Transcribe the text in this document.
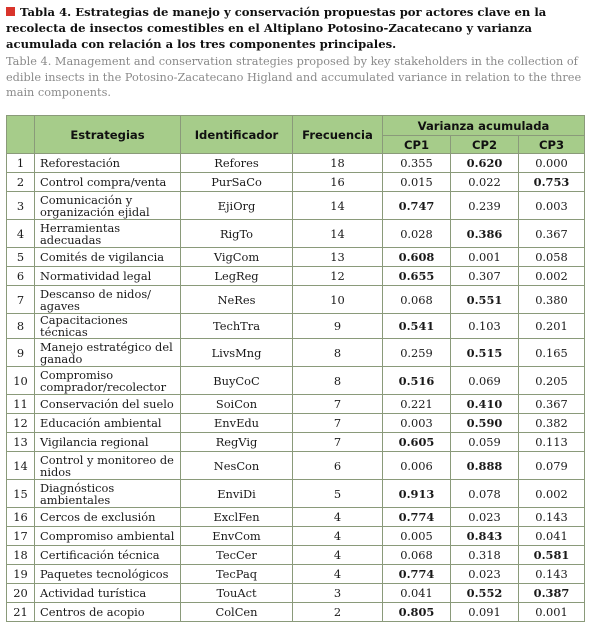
Tabla 4. Estrategias de manejo y conservación propuestas por actores clave en la recolecta de insectos comestibles en el Altiplano Potosino-Zacatecano y varianza acumulada con relación a los tres componentes principales.
Table 4. Management and conservation strategies proposed by key stakeholders in the collection of edible insects in the Potosino-Zacatecano Higland and accumulated variance in relation to the three main components.
	Estrategias	Identificador	Frecuencia	Varianza acumulada		
				CP1	CP2	CP3
1	Reforestación	Refores	18	0.355	0.620	0.000
2	Control compra/venta	PurSaCo	16	0.015	0.022	0.753
3	Comunicación y organización ejidal	EjiOrg	14	0.747	0.239	0.003
4	Herramientas adecuadas	RigTo	14	0.028	0.386	0.367
5	Comités de vigilancia	VigCom	13	0.608	0.001	0.058
6	Normatividad legal	LegReg	12	0.655	0.307	0.002
7	Descanso de nidos/ agaves	NeRes	10	0.068	0.551	0.380
8	Capacitaciones técnicas	TechTra	9	0.541	0.103	0.201
9	Manejo estratégico del ganado	LivsMng	8	0.259	0.515	0.165
10	Compromiso comprador/recolector	BuyCoC	8	0.516	0.069	0.205
11	Conservación del suelo	SoiCon	7	0.221	0.410	0.367
12	Educación ambiental	EnvEdu	7	0.003	0.590	0.382
13	Vigilancia regional	RegVig	7	0.605	0.059	0.113
14	Control y monitoreo de nidos	NesCon	6	0.006	0.888	0.079
15	Diagnósticos ambientales	EnviDi	5	0.913	0.078	0.002
16	Cercos de exclusión	ExclFen	4	0.774	0.023	0.143
17	Compromiso ambiental	EnvCom	4	0.005	0.843	0.041
18	Certificación técnica	TecCer	4	0.068	0.318	0.581
19	Paquetes tecnológicos	TecPaq	4	0.774	0.023	0.143
20	Actividad turística	TouAct	3	0.041	0.552	0.387
21	Centros de acopio	ColCen	2	0.805	0.091	0.001
